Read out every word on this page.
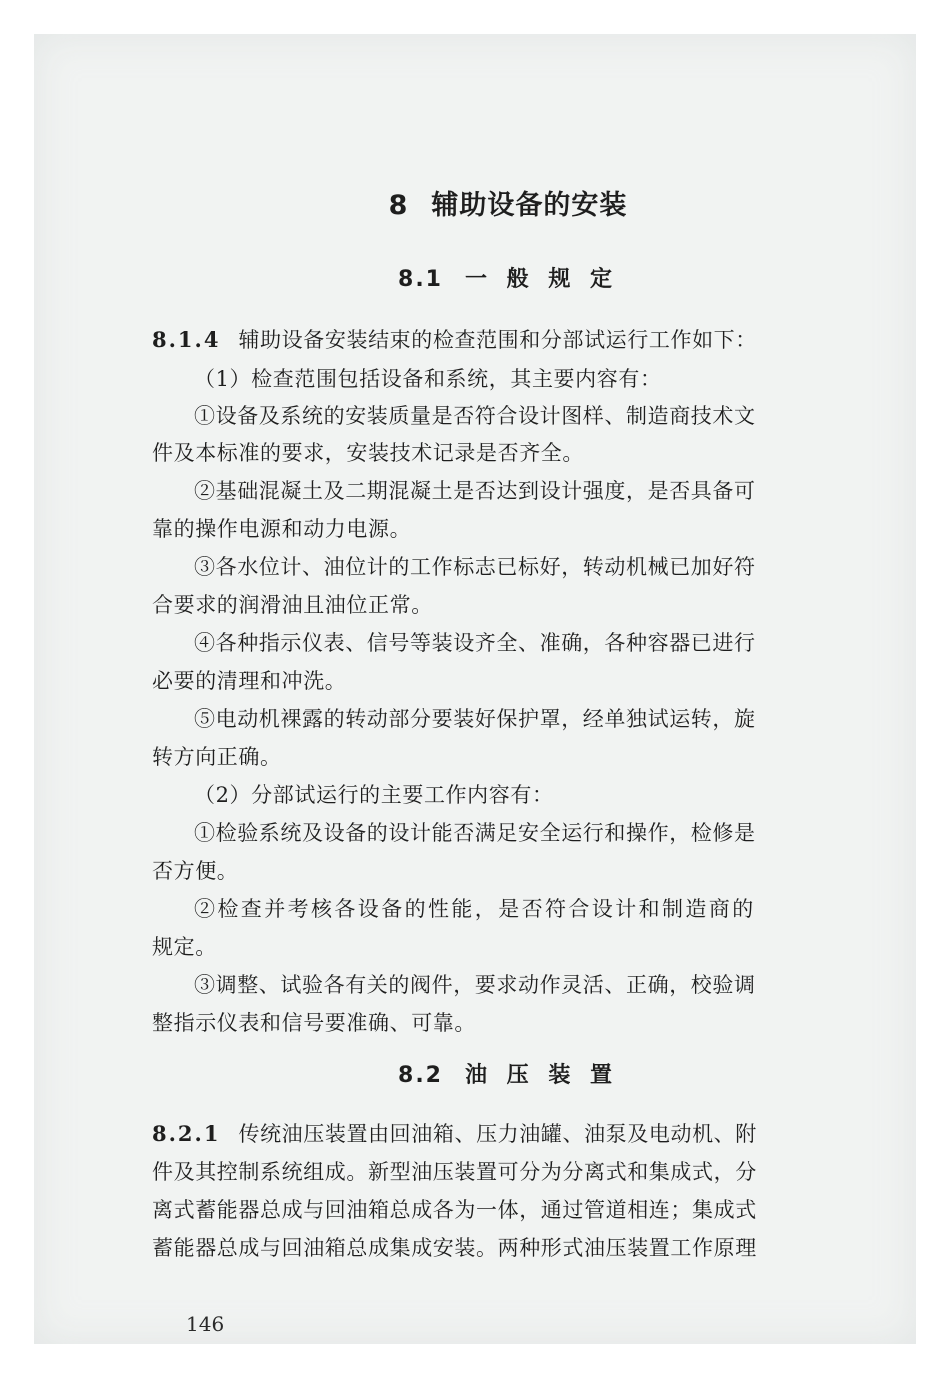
8 辅助设备的安装
8.1 一 般 规 定
8.1.4 辅助设备安装结束的检查范围和分部试运行工作如下：
（1）检查范围包括设备和系统，其主要内容有：
①设备及系统的安装质量是否符合设计图样、制造商技术文
件及本标准的要求，安装技术记录是否齐全。
②基础混凝土及二期混凝土是否达到设计强度，是否具备可
靠的操作电源和动力电源。
③各水位计、油位计的工作标志已标好，转动机械已加好符
合要求的润滑油且油位正常。
④各种指示仪表、信号等装设齐全、准确，各种容器已进行
必要的清理和冲洗。
⑤电动机裸露的转动部分要装好保护罩，经单独试运转，旋
转方向正确。
（2）分部试运行的主要工作内容有：
①检验系统及设备的设计能否满足安全运行和操作，检修是
否方便。
②检查并考核各设备的性能，是否符合设计和制造商的
规定。
③调整、试验各有关的阀件，要求动作灵活、正确，校验调
整指示仪表和信号要准确、可靠。
8.2 油 压 装 置
8.2.1 传统油压装置由回油箱、压力油罐、油泵及电动机、附
件及其控制系统组成。新型油压装置可分为分离式和集成式，分
离式蓄能器总成与回油箱总成各为一体，通过管道相连；集成式
蓄能器总成与回油箱总成集成安装。两种形式油压装置工作原理
146
